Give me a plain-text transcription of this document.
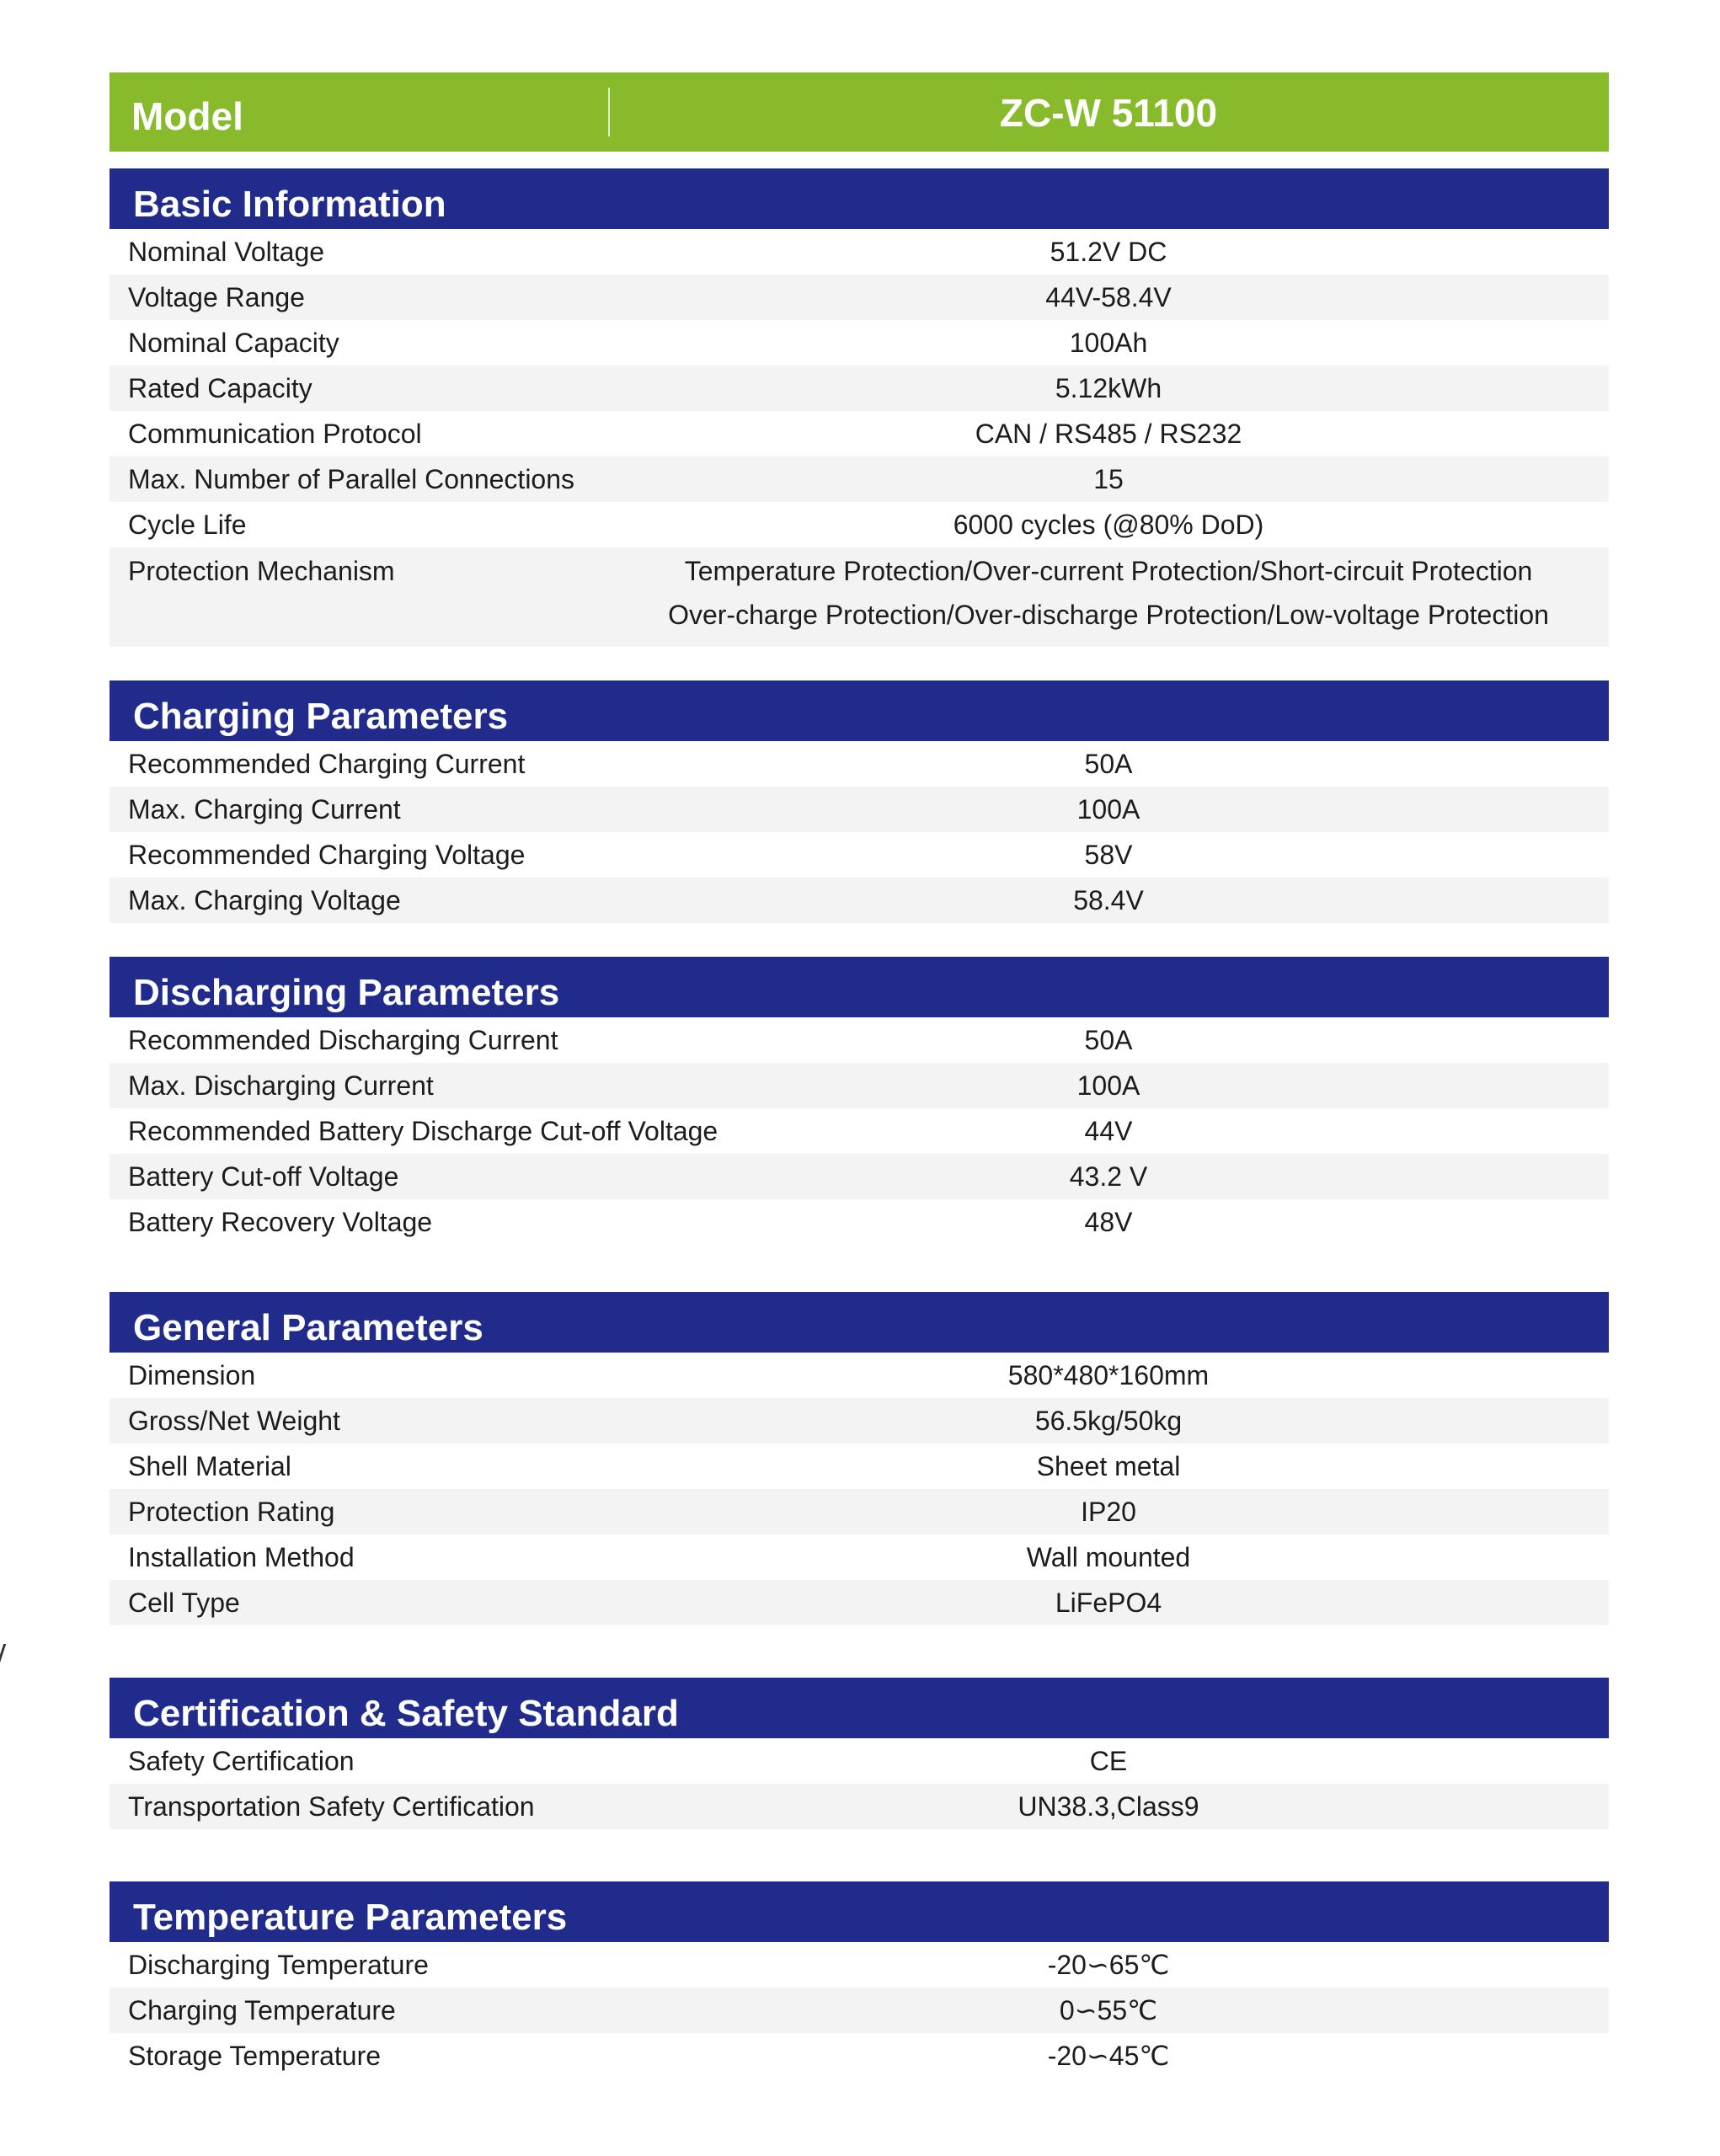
Model	ZC-W 51100
Basic Information
Nominal Voltage	51.2V DC
Voltage Range	44V-58.4V
Nominal Capacity	100Ah
Rated Capacity	5.12kWh
Communication Protocol	CAN / RS485 / RS232
Max. Number of Parallel Connections	15
Cycle Life	6000 cycles (@80% DoD)
Protection Mechanism	Temperature Protection/Over-current Protection/Short-circuit Protection
Over-charge Protection/Over-discharge Protection/Low-voltage Protection
Charging Parameters
Recommended Charging Current	50A
Max. Charging Current	100A
Recommended Charging Voltage	58V
Max. Charging Voltage	58.4V
Discharging Parameters
Recommended Discharging Current	50A
Max. Discharging Current	100A
Recommended Battery Discharge Cut-off Voltage	44V
Battery Cut-off Voltage	43.2 V
Battery Recovery Voltage	48V
General Parameters
Dimension	580*480*160mm
Gross/Net Weight	56.5kg/50kg
Shell Material	Sheet metal
Protection Rating	IP20
Installation Method	Wall mounted
Cell Type	LiFePO4
Certification & Safety Standard
Safety Certification	CE
Transportation Safety Certification	UN38.3,Class9
Temperature Parameters
Discharging Temperature	-20∽65℃
Charging Temperature	0∽55℃
Storage Temperature	-20∽45℃
